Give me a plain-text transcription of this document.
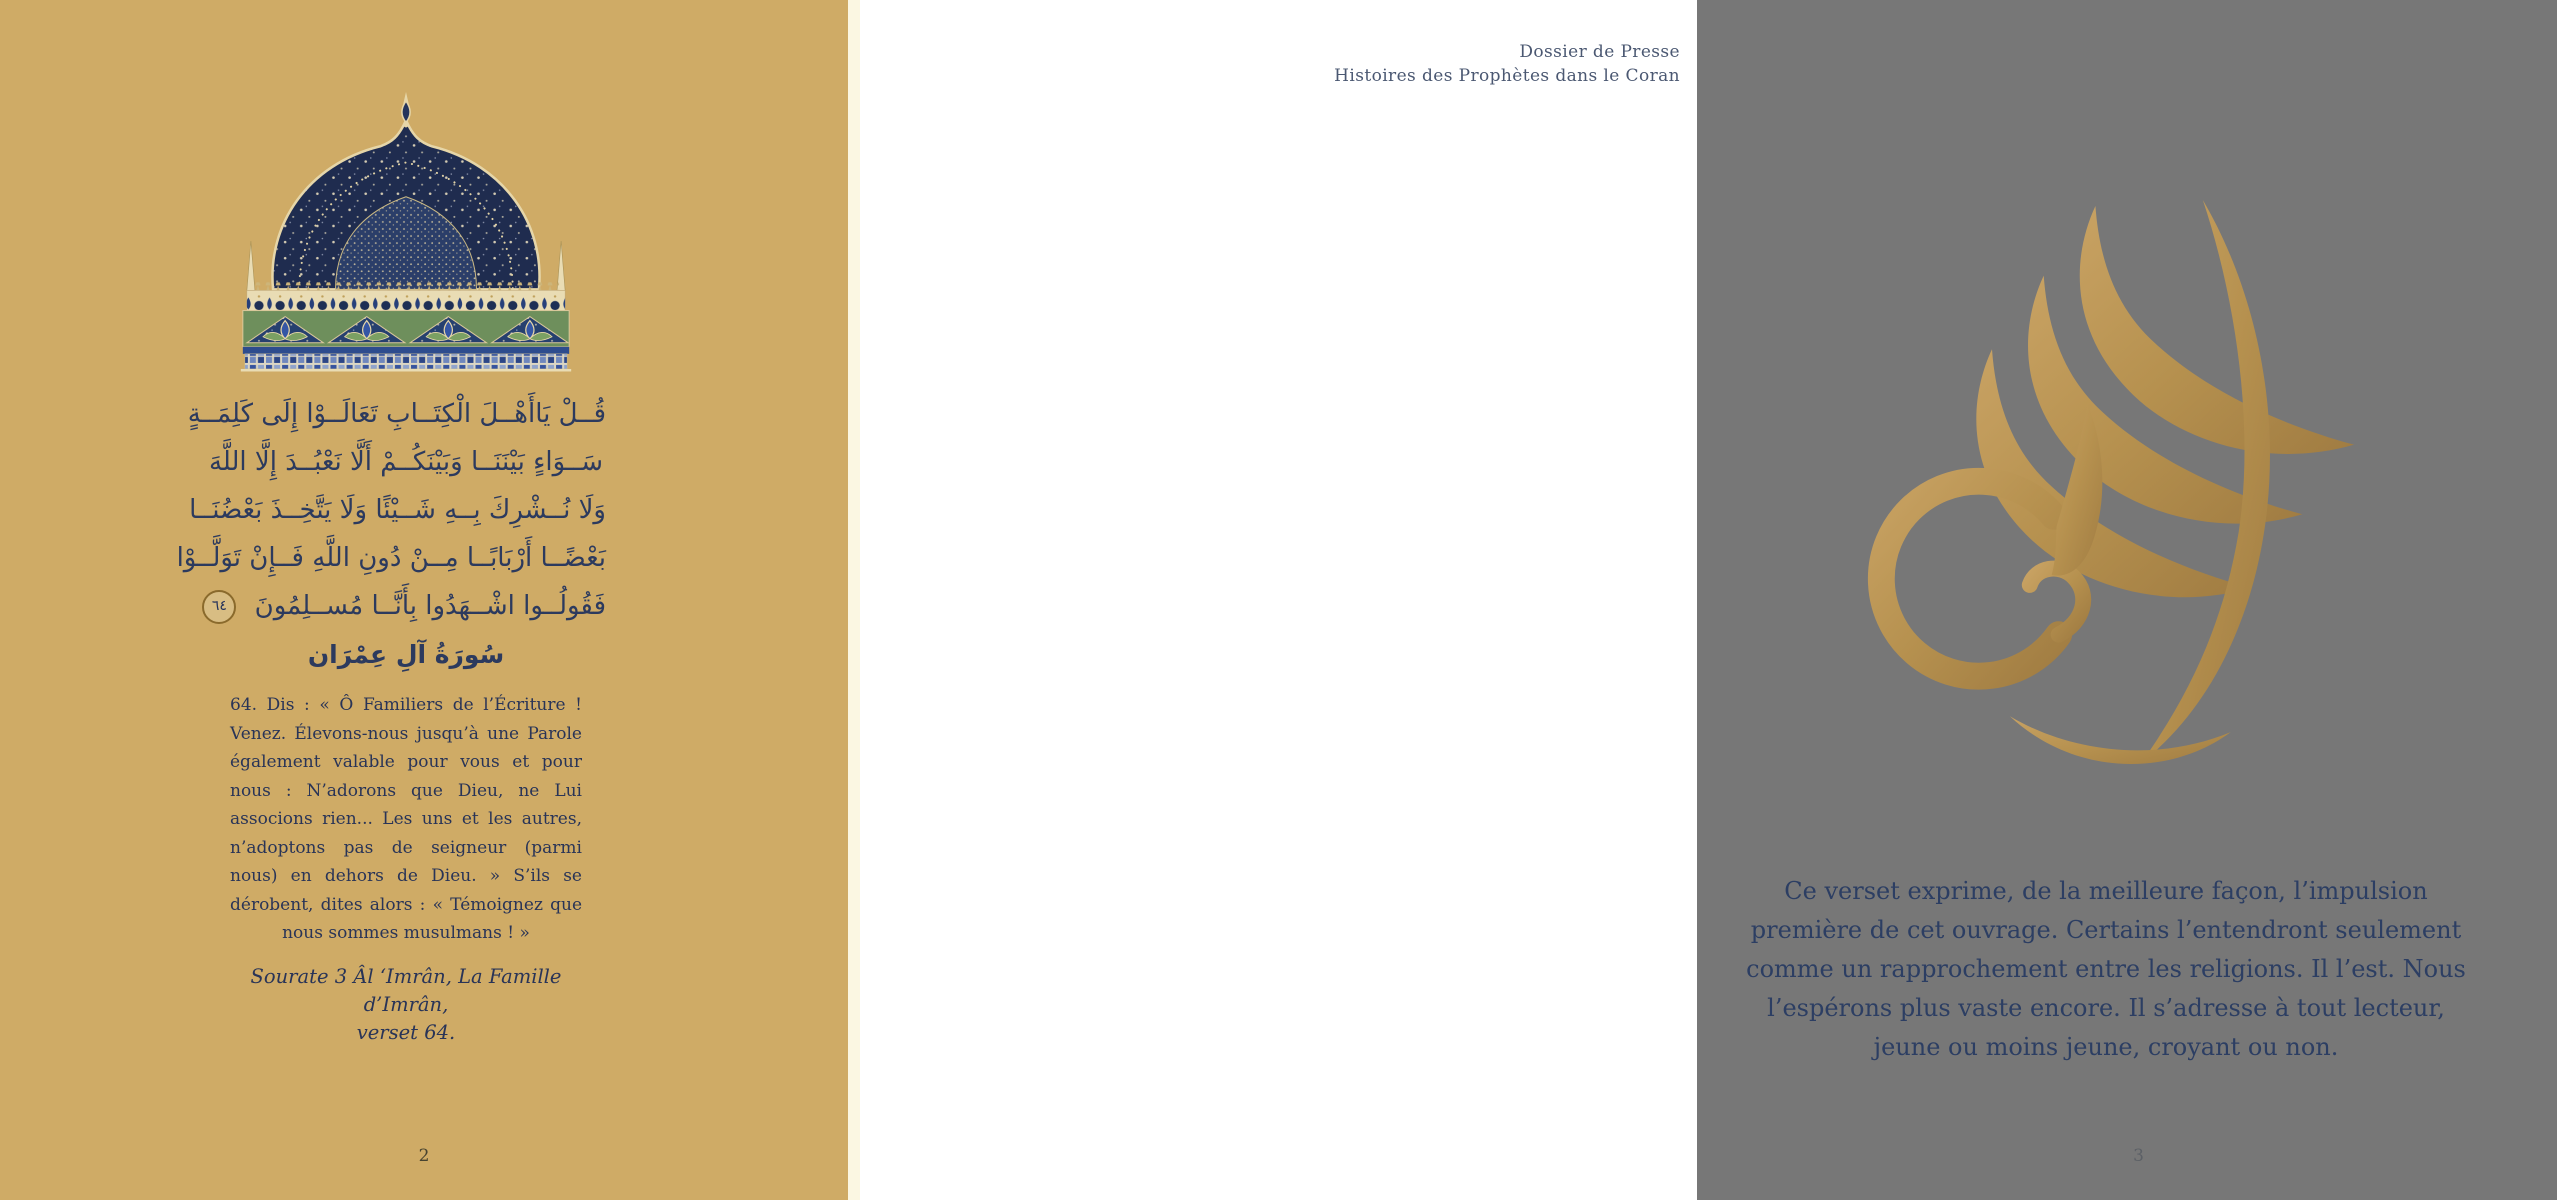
قُــلْ يَاأَهْــلَ الْكِتَــابِ تَعَالَــوْا إِلَى كَلِمَــةٍ
سَــوَاءٍ بَيْنَنَــا وَبَيْنَكُــمْ أَلَّا نَعْبُــدَ إِلَّا اللَّهَ
وَلَا نُــشْرِكَ بِــهِ شَــيْئًا وَلَا يَتَّخِــذَ بَعْضُنَــا
بَعْضًــا أَرْبَابًــا مِــنْ دُونِ اللَّهِ فَــإِنْ تَوَلَّــوْا
فَقُولُــوا اشْــهَدُوا بِأَنَّــا مُســلِمُونَ ٦٤
سُورَةُ آلِ عِمْرَان
64. Dis : « Ô Familiers de l’Écriture ! Venez. Élevons-nous jusqu’à une Parole également valable pour vous et pour nous : N’adorons que Dieu, ne Lui associons rien... Les uns et les autres, n’adoptons pas de seigneur (parmi nous) en dehors de Dieu. » S’ils se dérobent, dites alors : « Témoignez que nous sommes musulmans ! »
Sourate 3 Âl ‘Imrân, La Famille d’Imrân,
verset 64.
2
Dossier de Presse
Histoires des Prophètes dans le Coran
Ce verset exprime, de la meilleure façon, l’impulsion première de cet ouvrage. Certains l’entendront seulement comme un rapprochement entre les religions. Il l’est. Nous l’espérons plus vaste encore. Il s’adresse à tout lecteur, jeune ou moins jeune, croyant ou non.
3
